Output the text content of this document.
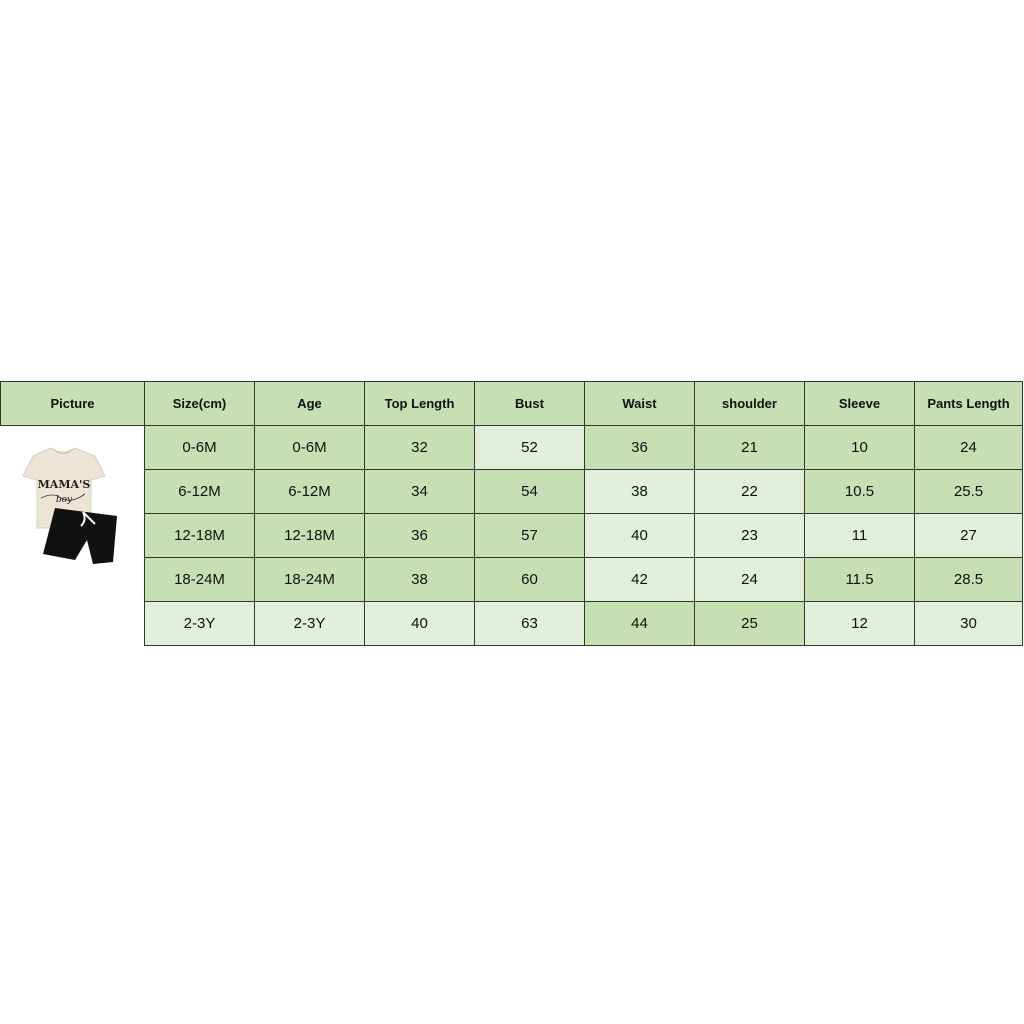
Picture	Size(cm)	Age	Top Length	Bust	Waist	shoulder	Sleeve	Pants Length

MAMA'S
boy	0-6M	0-6M	32	52	36	21	10	24
	6-12M	6-12M	34	54	38	22	10.5	25.5
	12-18M	12-18M	36	57	40	23	11	27
	18-24M	18-24M	38	60	42	24	11.5	28.5
	2-3Y	2-3Y	40	63	44	25	12	30
